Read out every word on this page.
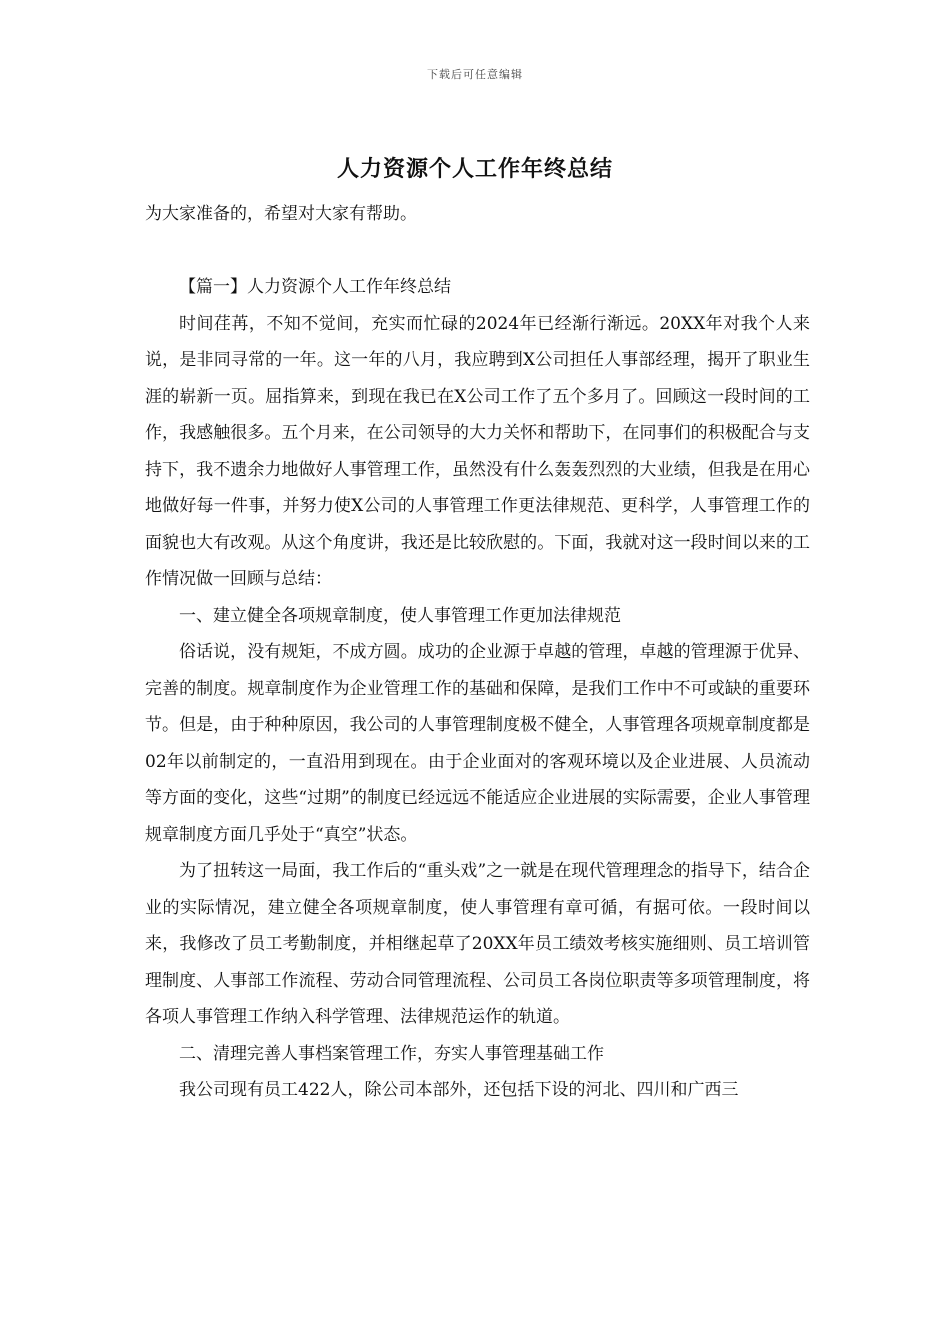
下载后可任意编辑
人力资源个人工作年终总结

为大家准备的，希望对大家有帮助。

【篇一】人力资源个人工作年终总结

时间荏苒，不知不觉间，充实而忙碌的2024年已经渐行渐远。20XX年对我个人来说，是非同寻常的一年。这一年的八月，我应聘到X公司担任人事部经理，揭开了职业生涯的崭新一页。屈指算来，到现在我已在X公司工作了五个多月了。回顾这一段时间的工作，我感触很多。五个月来，在公司领导的大力关怀和帮助下，在同事们的积极配合与支持下，我不遗余力地做好人事管理工作，虽然没有什么轰轰烈烈的大业绩，但我是在用心地做好每一件事，并努力使X公司的人事管理工作更法律规范、更科学，人事管理工作的面貌也大有改观。从这个角度讲，我还是比较欣慰的。下面，我就对这一段时间以来的工作情况做一回顾与总结：

一、建立健全各项规章制度，使人事管理工作更加法律规范

俗话说，没有规矩，不成方圆。成功的企业源于卓越的管理，卓越的管理源于优异、完善的制度。规章制度作为企业管理工作的基础和保障，是我们工作中不可或缺的重要环节。但是，由于种种原因，我公司的人事管理制度极不健全，人事管理各项规章制度都是02年以前制定的，一直沿用到现在。由于企业面对的客观环境以及企业进展、人员流动等方面的变化，这些“过期”的制度已经远远不能适应企业进展的实际需要，企业人事管理规章制度方面几乎处于“真空”状态。

为了扭转这一局面，我工作后的“重头戏”之一就是在现代管理理念的指导下，结合企业的实际情况，建立健全各项规章制度，使人事管理有章可循，有据可依。一段时间以来，我修改了员工考勤制度，并相继起草了20XX年员工绩效考核实施细则、员工培训管理制度、人事部工作流程、劳动合同管理流程、公司员工各岗位职责等多项管理制度，将各项人事管理工作纳入科学管理、法律规范运作的轨道。

二、清理完善人事档案管理工作，夯实人事管理基础工作

我公司现有员工422人，除公司本部外，还包括下设的河北、四川和广西三
